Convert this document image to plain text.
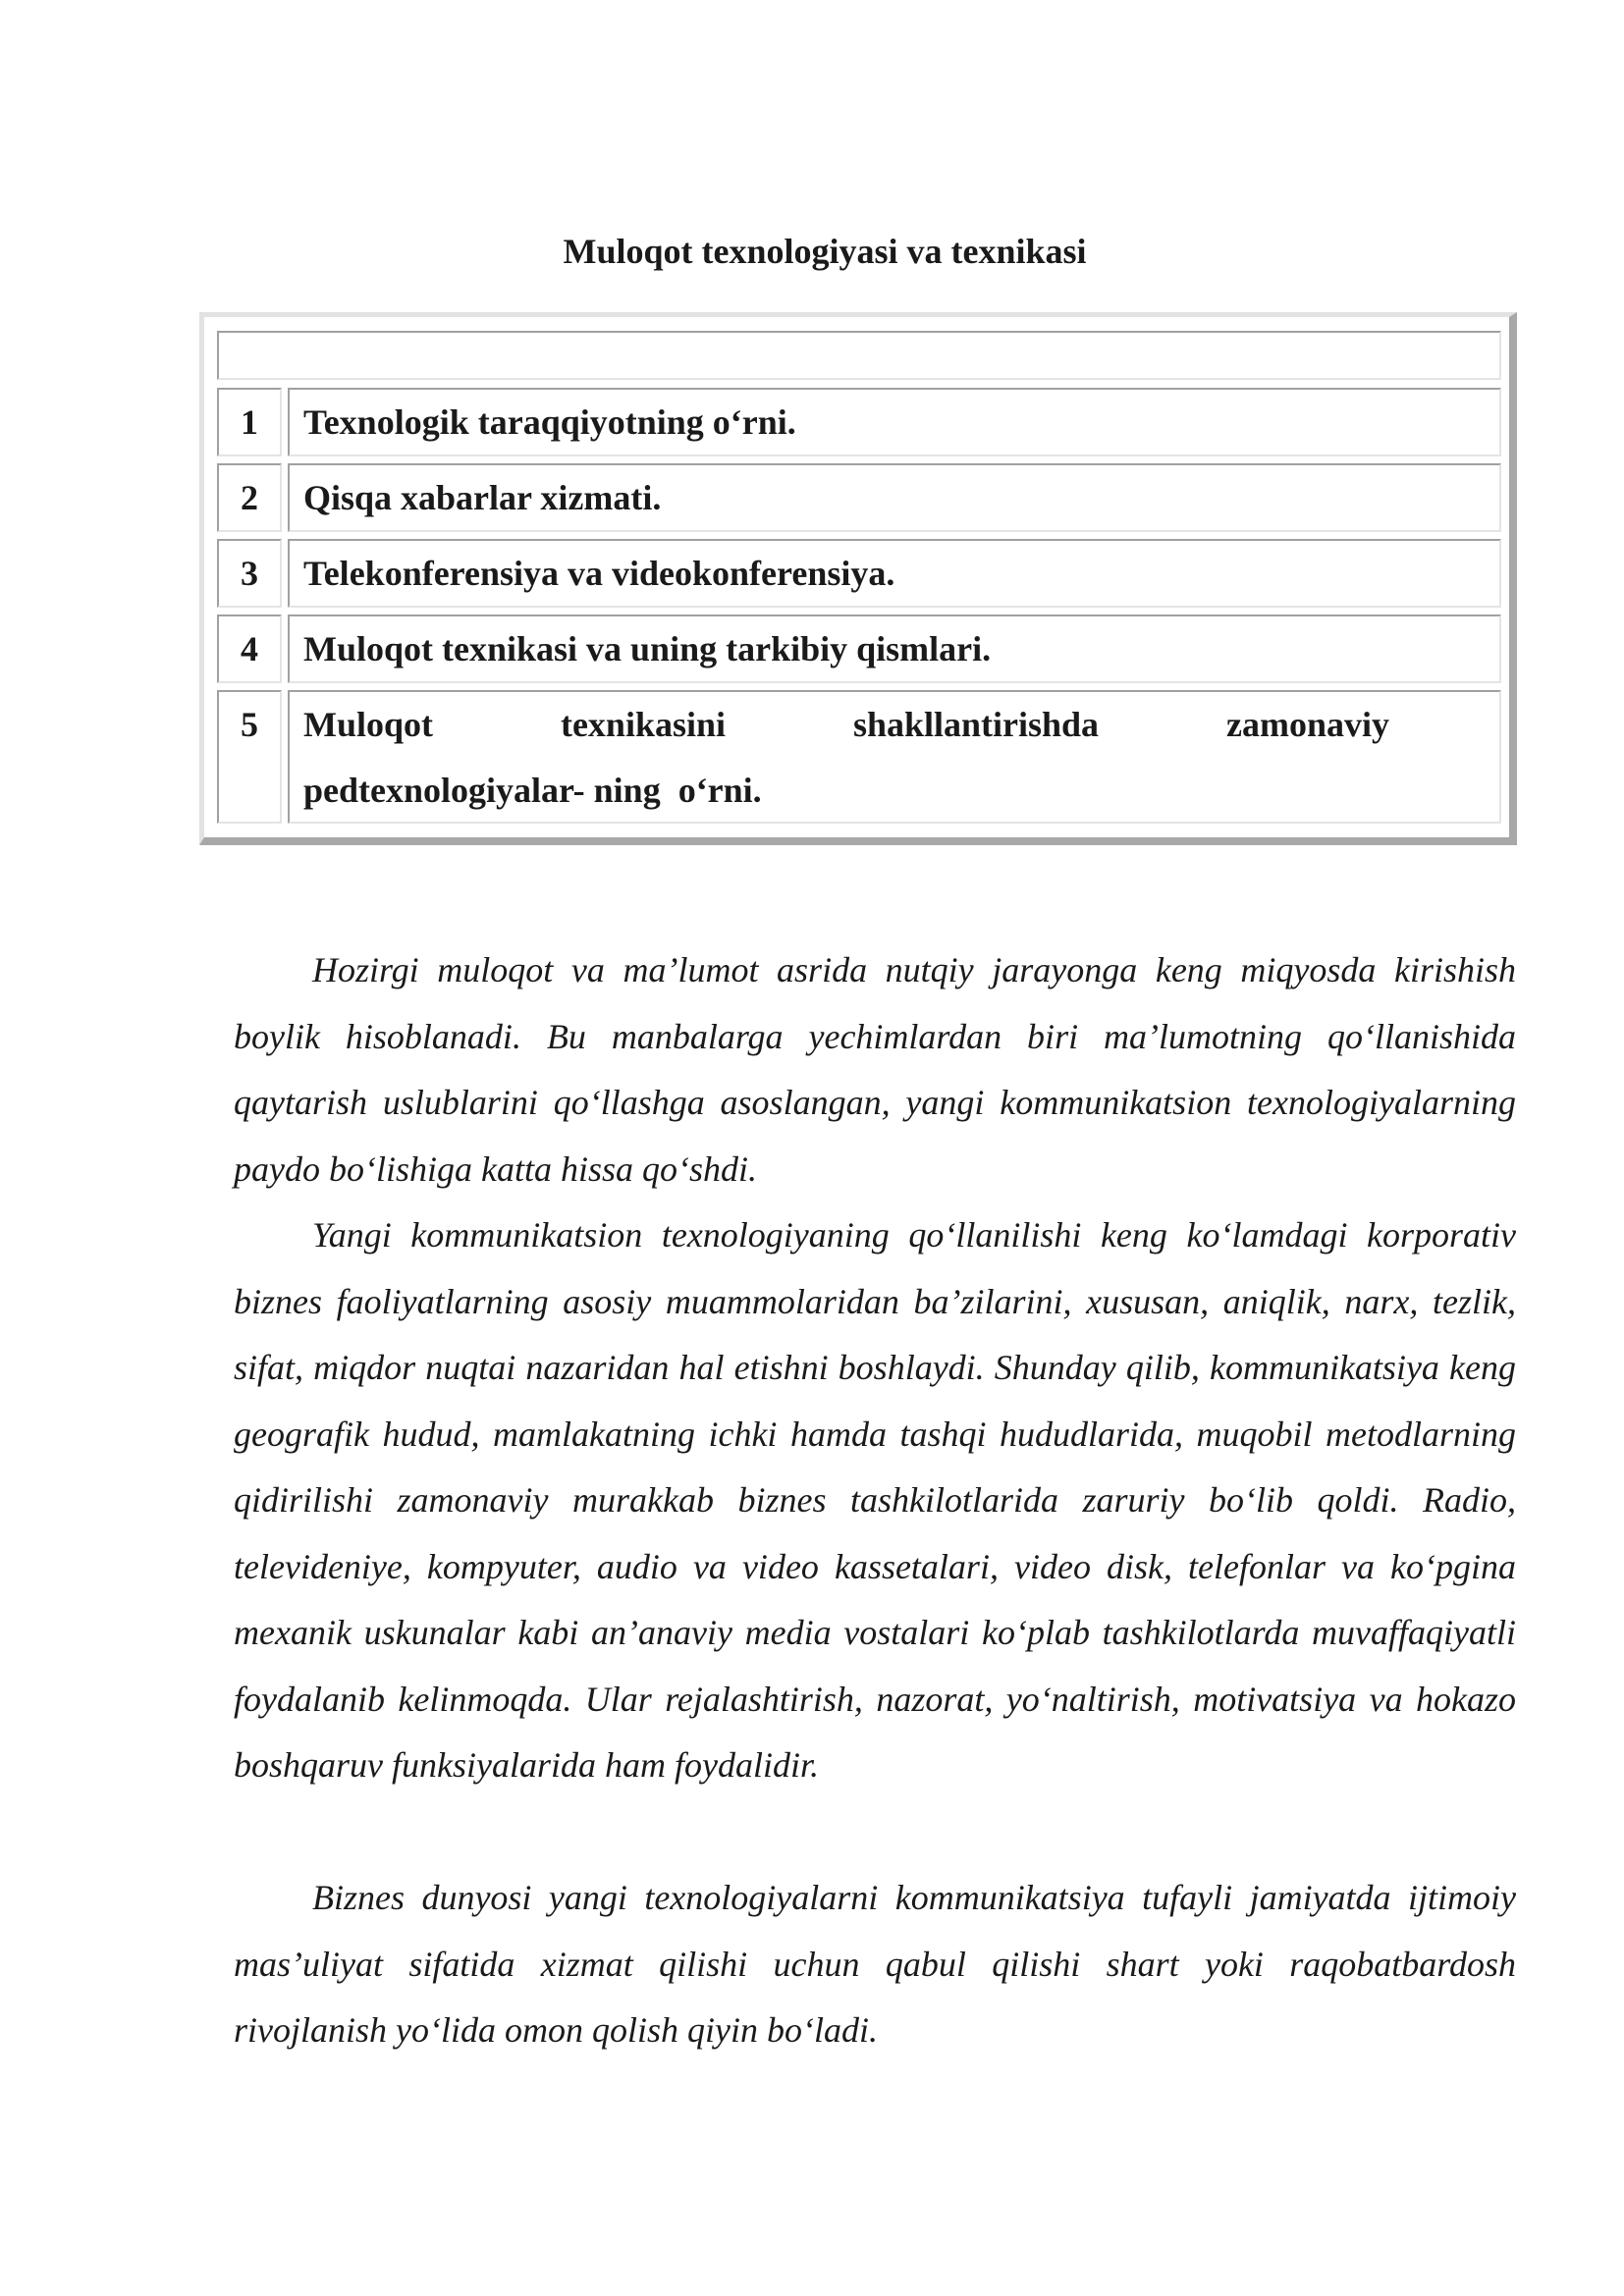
Muloqot texnologiyasi va texnikasi
1	Texnologik taraqqiyotning o‘rni.
2	Qisqa xabarlar xizmati.
3	Telekonferensiya va videokonferensiya.
4	Muloqot texnikasi va uning tarkibiy qismlari.
5	Muloqot texnikasini shakllantirishda zamonaviy
pedtexnologiyalar- ning  o‘rni.

Hozirgi muloqot va ma’lumot asrida nutqiy jarayonga keng miqyosda kirishish boylik hisoblanadi. Bu manbalarga yechimlardan biri ma’lumotning qo‘llanishida qaytarish uslublarini qo‘llashga asoslangan, yangi kommunikatsion texnologiyalarning paydo bo‘lishiga katta hissa qo‘shdi.

Yangi kommunikatsion texnologiyaning qo‘llanilishi keng ko‘lamdagi korporativ biznes faoliyatlarning asosiy muammolaridan ba’zilarini, xususan, aniqlik, narx, tezlik, sifat, miqdor nuqtai nazaridan hal etishni boshlaydi. Shunday qilib, kommunikatsiya keng geografik hudud, mamlakatning ichki hamda tashqi hududlarida, muqobil metodlarning qidirilishi zamonaviy murakkab biznes tashkilotlarida zaruriy bo‘lib qoldi. Radio, televideniye, kompyuter, audio va video kassetalari, video disk, telefonlar va ko‘pgina mexanik uskunalar kabi an’anaviy media vostalari ko‘plab tashkilotlarda muvaffaqiyatli foydalanib kelinmoqda. Ular rejalashtirish, nazorat, yo‘naltirish, motivatsiya va hokazo boshqaruv funksiyalarida ham foydalidir.

Biznes dunyosi yangi texnologiyalarni kommunikatsiya tufayli jamiyatda ijtimoiy mas’uliyat sifatida xizmat qilishi uchun qabul qilishi shart yoki raqobatbardosh rivojlanish yo‘lida omon qolish qiyin bo‘ladi.
